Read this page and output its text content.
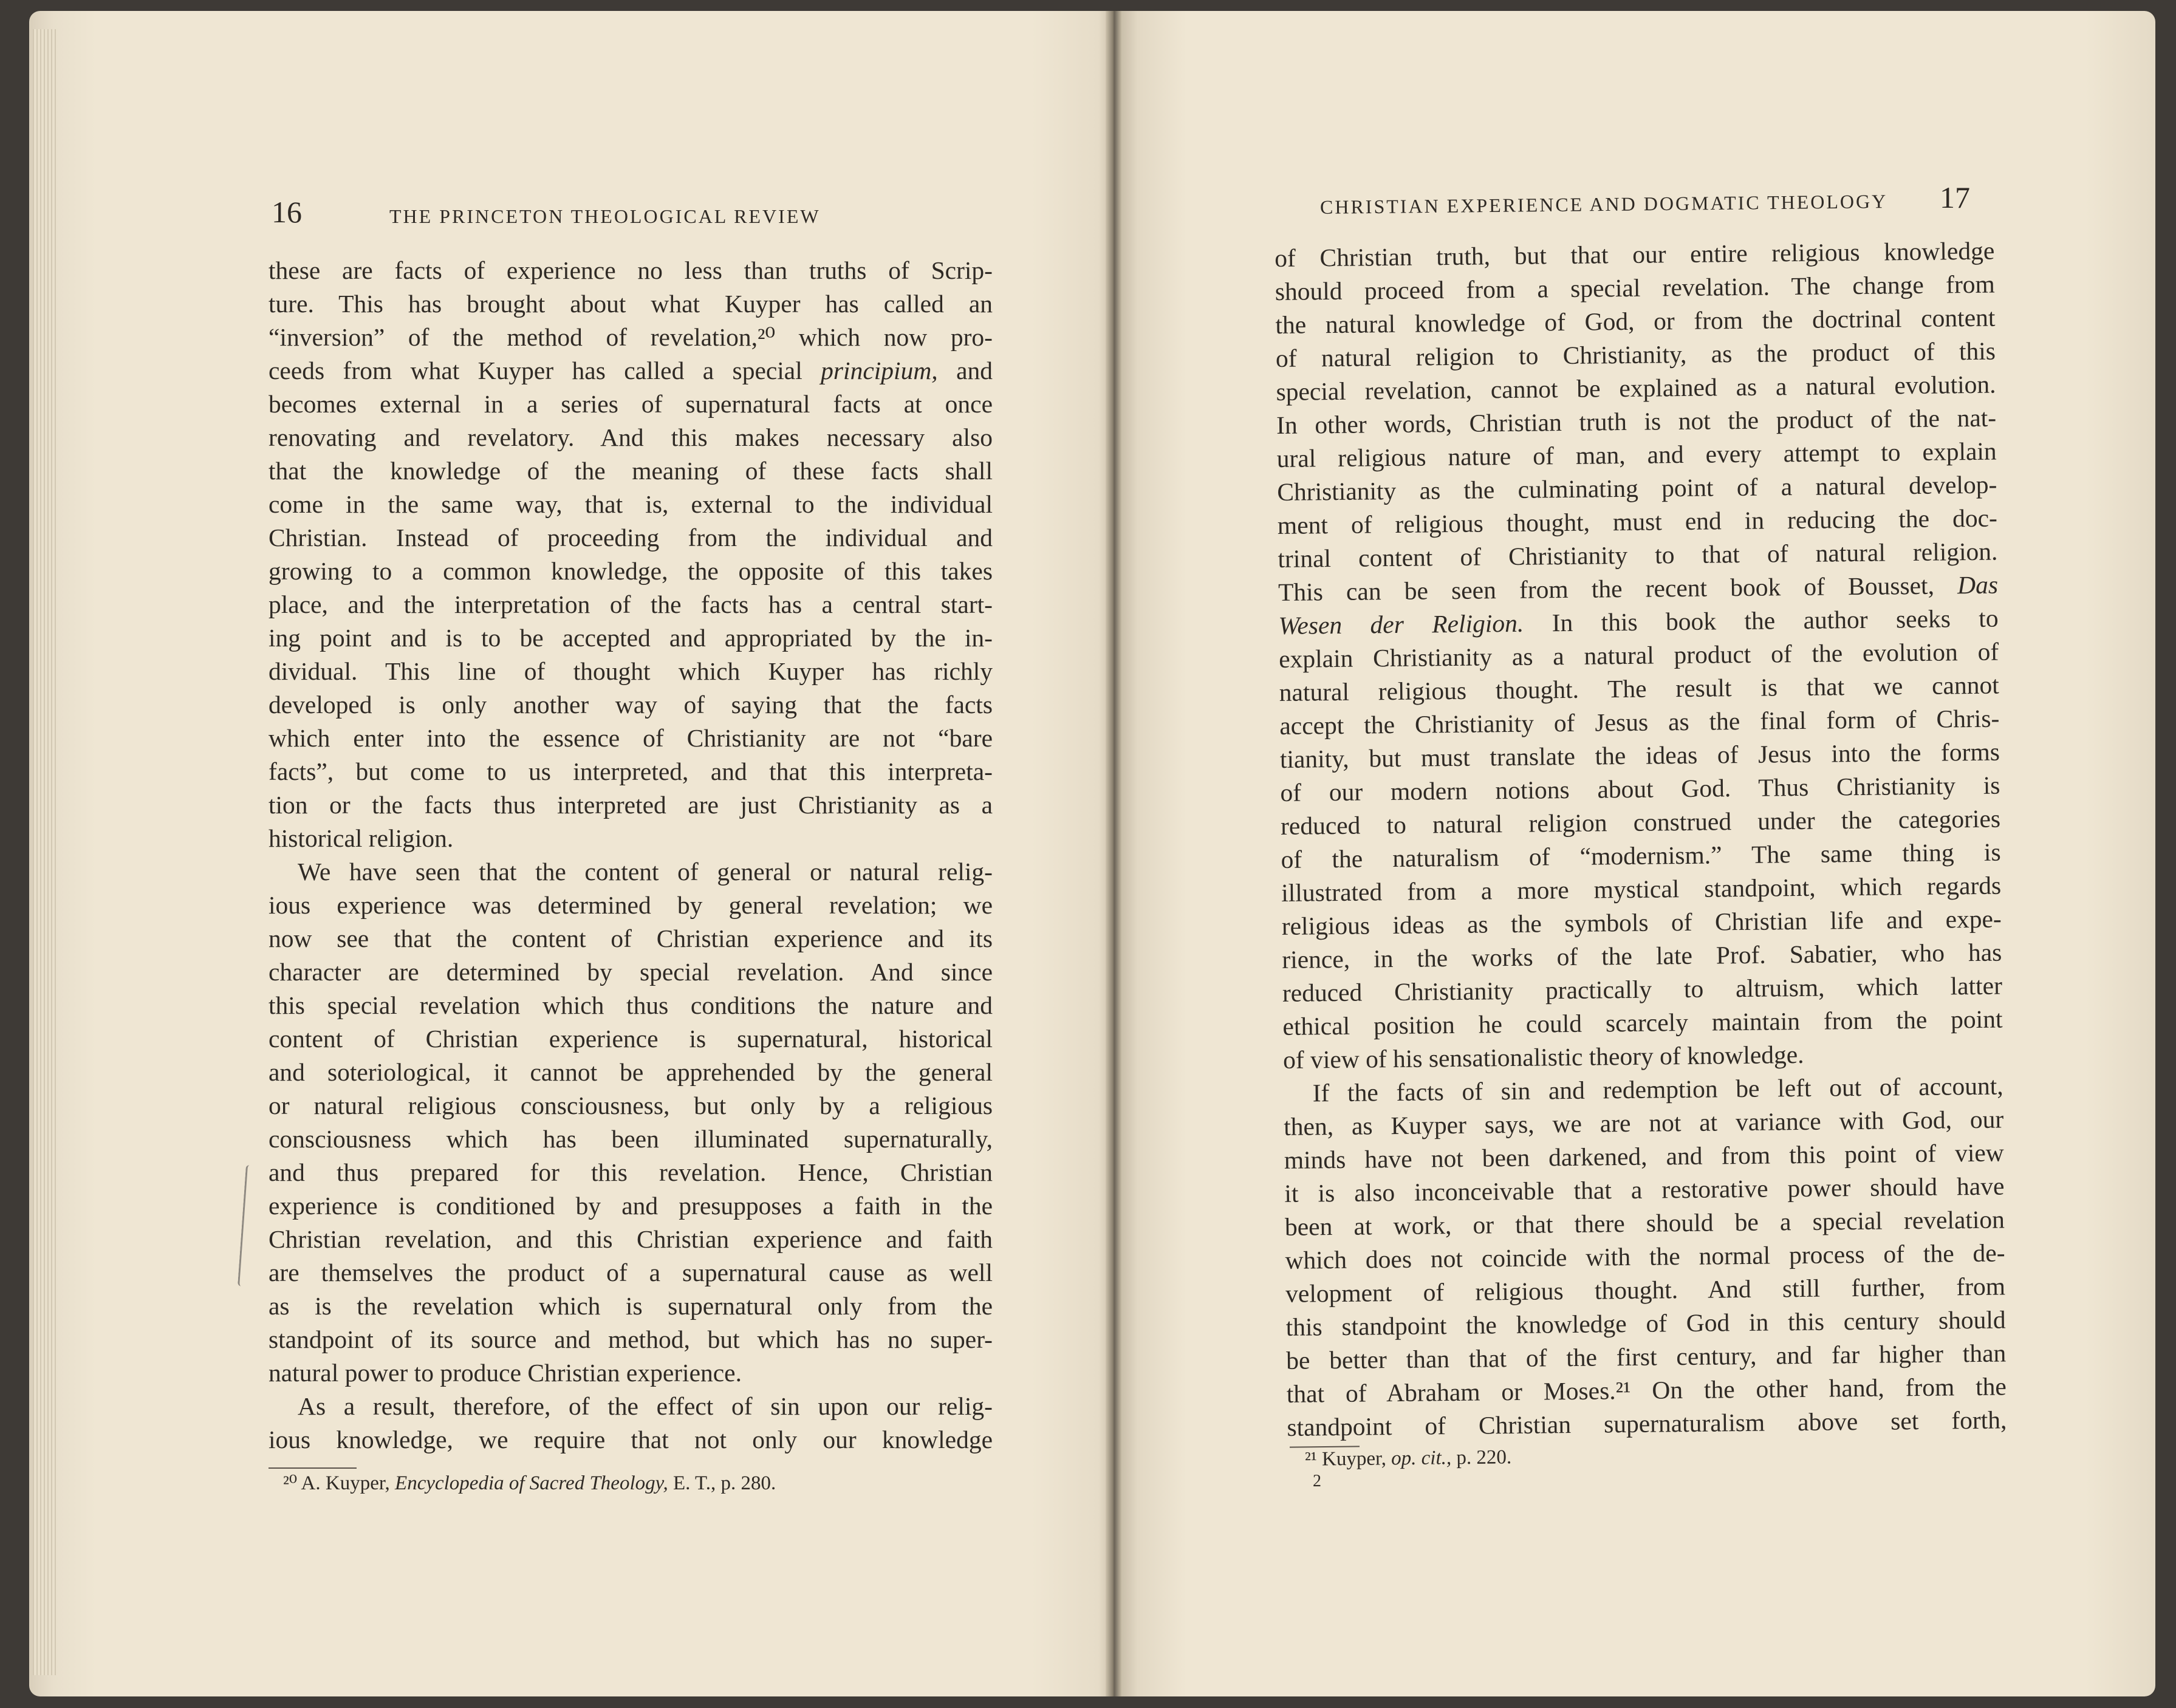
16	THE PRINCETON THEOLOGICAL REVIEW
these are facts of experience no less than truths of Scrip-
ture. This has brought about what Kuyper has called an
“inversion” of the method of revelation,²⁰ which now pro-
ceeds from what Kuyper has called a special principium, and
becomes external in a series of supernatural facts at once
renovating and revelatory. And this makes necessary also
that the knowledge of the meaning of these facts shall
come in the same way, that is, external to the individual
Christian. Instead of proceeding from the individual and
growing to a common knowledge, the opposite of this takes
place, and the interpretation of the facts has a central start-
ing point and is to be accepted and appropriated by the in-
dividual. This line of thought which Kuyper has richly
developed is only another way of saying that the facts
which enter into the essence of Christianity are not “bare
facts”, but come to us interpreted, and that this interpreta-
tion or the facts thus interpreted are just Christianity as a
historical religion.
We have seen that the content of general or natural relig-
ious experience was determined by general revelation; we
now see that the content of Christian experience and its
character are determined by special revelation. And since
this special revelation which thus conditions the nature and
content of Christian experience is supernatural, historical
and soteriological, it cannot be apprehended by the general
or natural religious consciousness, but only by a religious
consciousness which has been illuminated supernaturally,
and thus prepared for this revelation. Hence, Christian
experience is conditioned by and presupposes a faith in the
Christian revelation, and this Christian experience and faith
are themselves the product of a supernatural cause as well
as is the revelation which is supernatural only from the
standpoint of its source and method, but which has no super-
natural power to produce Christian experience.
As a result, therefore, of the effect of sin upon our relig-
ious knowledge, we require that not only our knowledge
²⁰ A. Kuyper, Encyclopedia of Sacred Theology, E. T., p. 280.
CHRISTIAN EXPERIENCE AND DOGMATIC THEOLOGY 17
of Christian truth, but that our entire religious knowledge
should proceed from a special revelation. The change from
the natural knowledge of God, or from the doctrinal content
of natural religion to Christianity, as the product of this
special revelation, cannot be explained as a natural evolution.
In other words, Christian truth is not the product of the nat-
ural religious nature of man, and every attempt to explain
Christianity as the culminating point of a natural develop-
ment of religious thought, must end in reducing the doc-
trinal content of Christianity to that of natural religion.
This can be seen from the recent book of Bousset, Das
Wesen der Religion. In this book the author seeks to
explain Christianity as a natural product of the evolution of
natural religious thought. The result is that we cannot
accept the Christianity of Jesus as the final form of Chris-
tianity, but must translate the ideas of Jesus into the forms
of our modern notions about God. Thus Christianity is
reduced to natural religion construed under the categories
of the naturalism of “modernism.” The same thing is
illustrated from a more mystical standpoint, which regards
religious ideas as the symbols of Christian life and expe-
rience, in the works of the late Prof. Sabatier, who has
reduced Christianity practically to altruism, which latter
ethical position he could scarcely maintain from the point
of view of his sensationalistic theory of knowledge.
If the facts of sin and redemption be left out of account,
then, as Kuyper says, we are not at variance with God, our
minds have not been darkened, and from this point of view
it is also inconceivable that a restorative power should have
been at work, or that there should be a special revelation
which does not coincide with the normal process of the de-
velopment of religious thought. And still further, from
this standpoint the knowledge of God in this century should
be better than that of the first century, and far higher than
that of Abraham or Moses.²¹ On the other hand, from the
standpoint of Christian supernaturalism above set forth,
²¹ Kuyper, op. cit., p. 220.
2
